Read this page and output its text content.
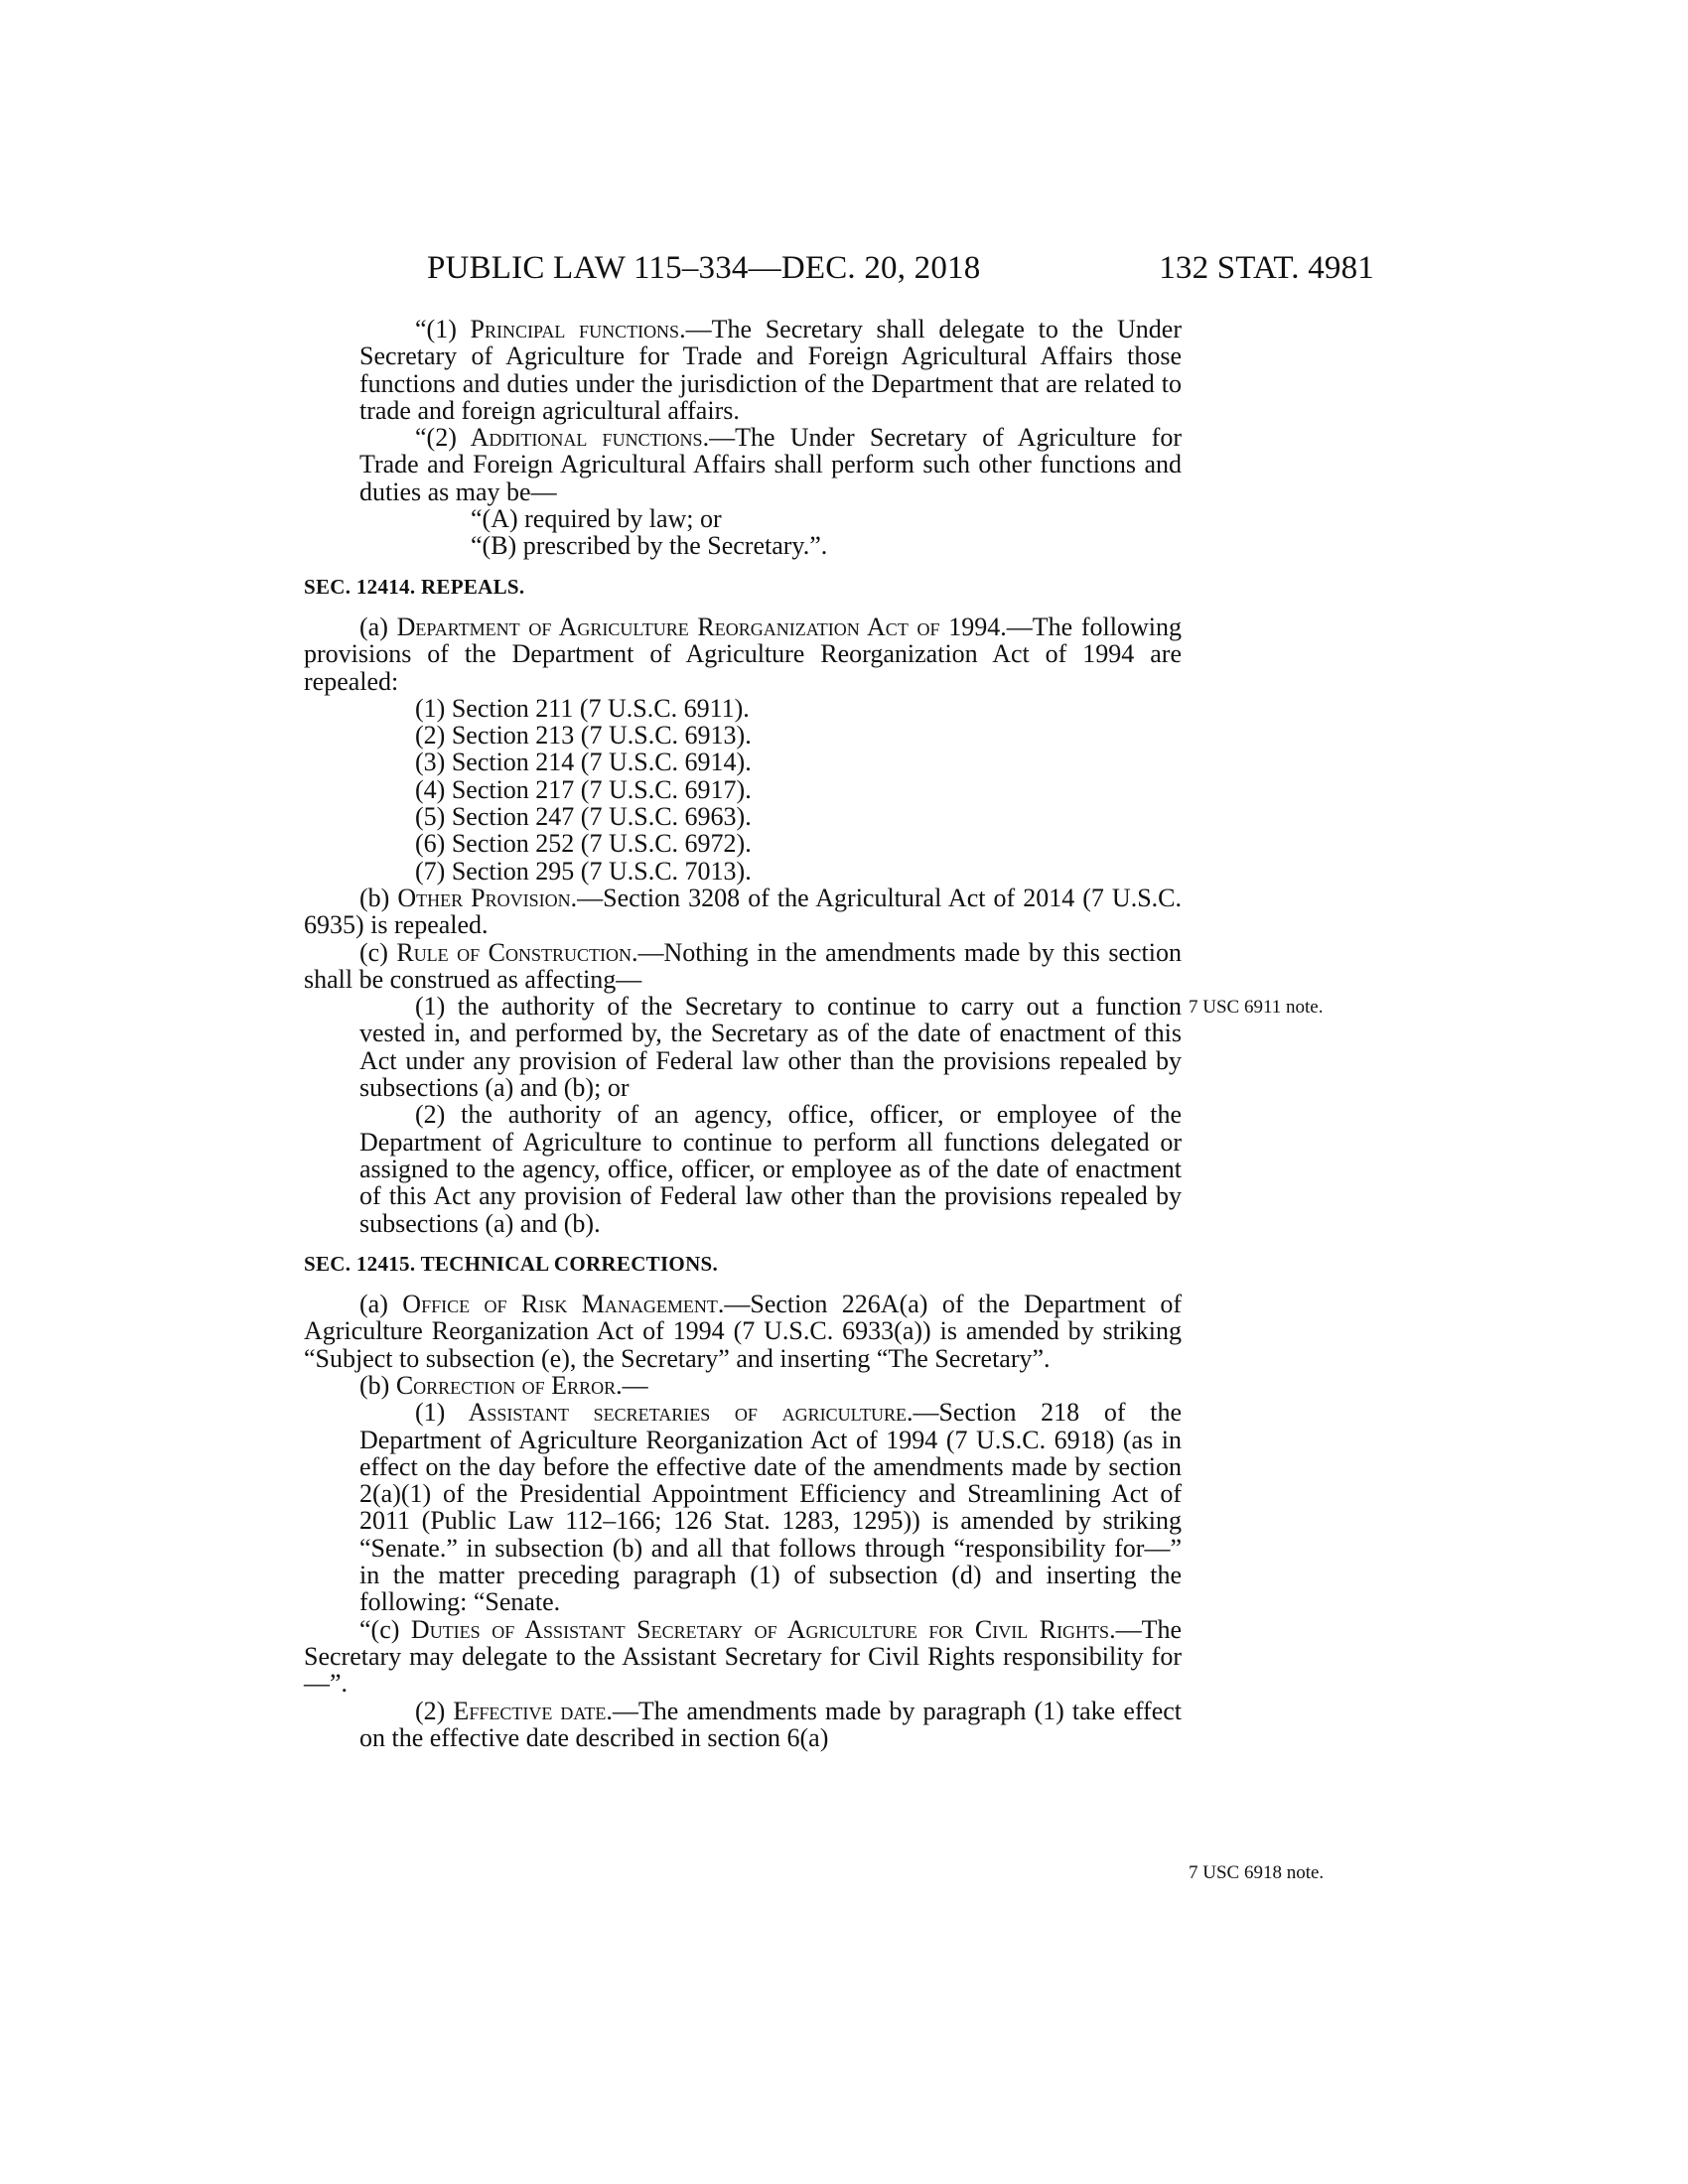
PUBLIC LAW 115–334—DEC. 20, 2018	132 STAT. 4981

“(1) Principal functions.—The Secretary shall delegate to the Under Secretary of Agriculture for Trade and Foreign Agricultural Affairs those functions and duties under the jurisdiction of the Department that are related to trade and foreign agricultural affairs.

“(2) Additional functions.—The Under Secretary of Agriculture for Trade and Foreign Agricultural Affairs shall perform such other functions and duties as may be—

“(A) required by law; or

“(B) prescribed by the Secretary.”.

SEC. 12414. REPEALS.

(a) Department of Agriculture Reorganization Act of 1994.—The following provisions of the Department of Agriculture Reorganization Act of 1994 are repealed:

(1) Section 211 (7 U.S.C. 6911).

(2) Section 213 (7 U.S.C. 6913).

(3) Section 214 (7 U.S.C. 6914).

(4) Section 217 (7 U.S.C. 6917).

(5) Section 247 (7 U.S.C. 6963).

(6) Section 252 (7 U.S.C. 6972).

(7) Section 295 (7 U.S.C. 7013).

(b) Other Provision.—Section 3208 of the Agricultural Act of 2014 (7 U.S.C. 6935) is repealed.

(c) Rule of Construction.—Nothing in the amendments made by this section shall be construed as affecting—

(1) the authority of the Secretary to continue to carry out a function vested in, and performed by, the Secretary as of the date of enactment of this Act under any provision of Federal law other than the provisions repealed by subsections (a) and (b); or

(2) the authority of an agency, office, officer, or employee of the Department of Agriculture to continue to perform all functions delegated or assigned to the agency, office, officer, or employee as of the date of enactment of this Act any provision of Federal law other than the provisions repealed by subsections (a) and (b).

SEC. 12415. TECHNICAL CORRECTIONS.

(a) Office of Risk Management.—Section 226A(a) of the Department of Agriculture Reorganization Act of 1994 (7 U.S.C. 6933(a)) is amended by striking “Subject to subsection (e), the Secretary” and inserting “The Secretary”.

(b) Correction of Error.—

(1) Assistant secretaries of agriculture.—Section 218 of the Department of Agriculture Reorganization Act of 1994 (7 U.S.C. 6918) (as in effect on the day before the effective date of the amendments made by section 2(a)(1) of the Presidential Appointment Efficiency and Streamlining Act of 2011 (Public Law 112–166; 126 Stat. 1283, 1295)) is amended by striking “Senate.” in subsection (b) and all that follows through “responsibility for—” in the matter preceding paragraph (1) of subsection (d) and inserting the following: “Senate.

“(c) Duties of Assistant Secretary of Agriculture for Civil Rights.—The Secretary may delegate to the Assistant Secretary for Civil Rights responsibility for—”.

(2) Effective date.—The amendments made by paragraph (1) take effect on the effective date described in section 6(a)

7 USC 6911 note.
7 USC 6918 note.
